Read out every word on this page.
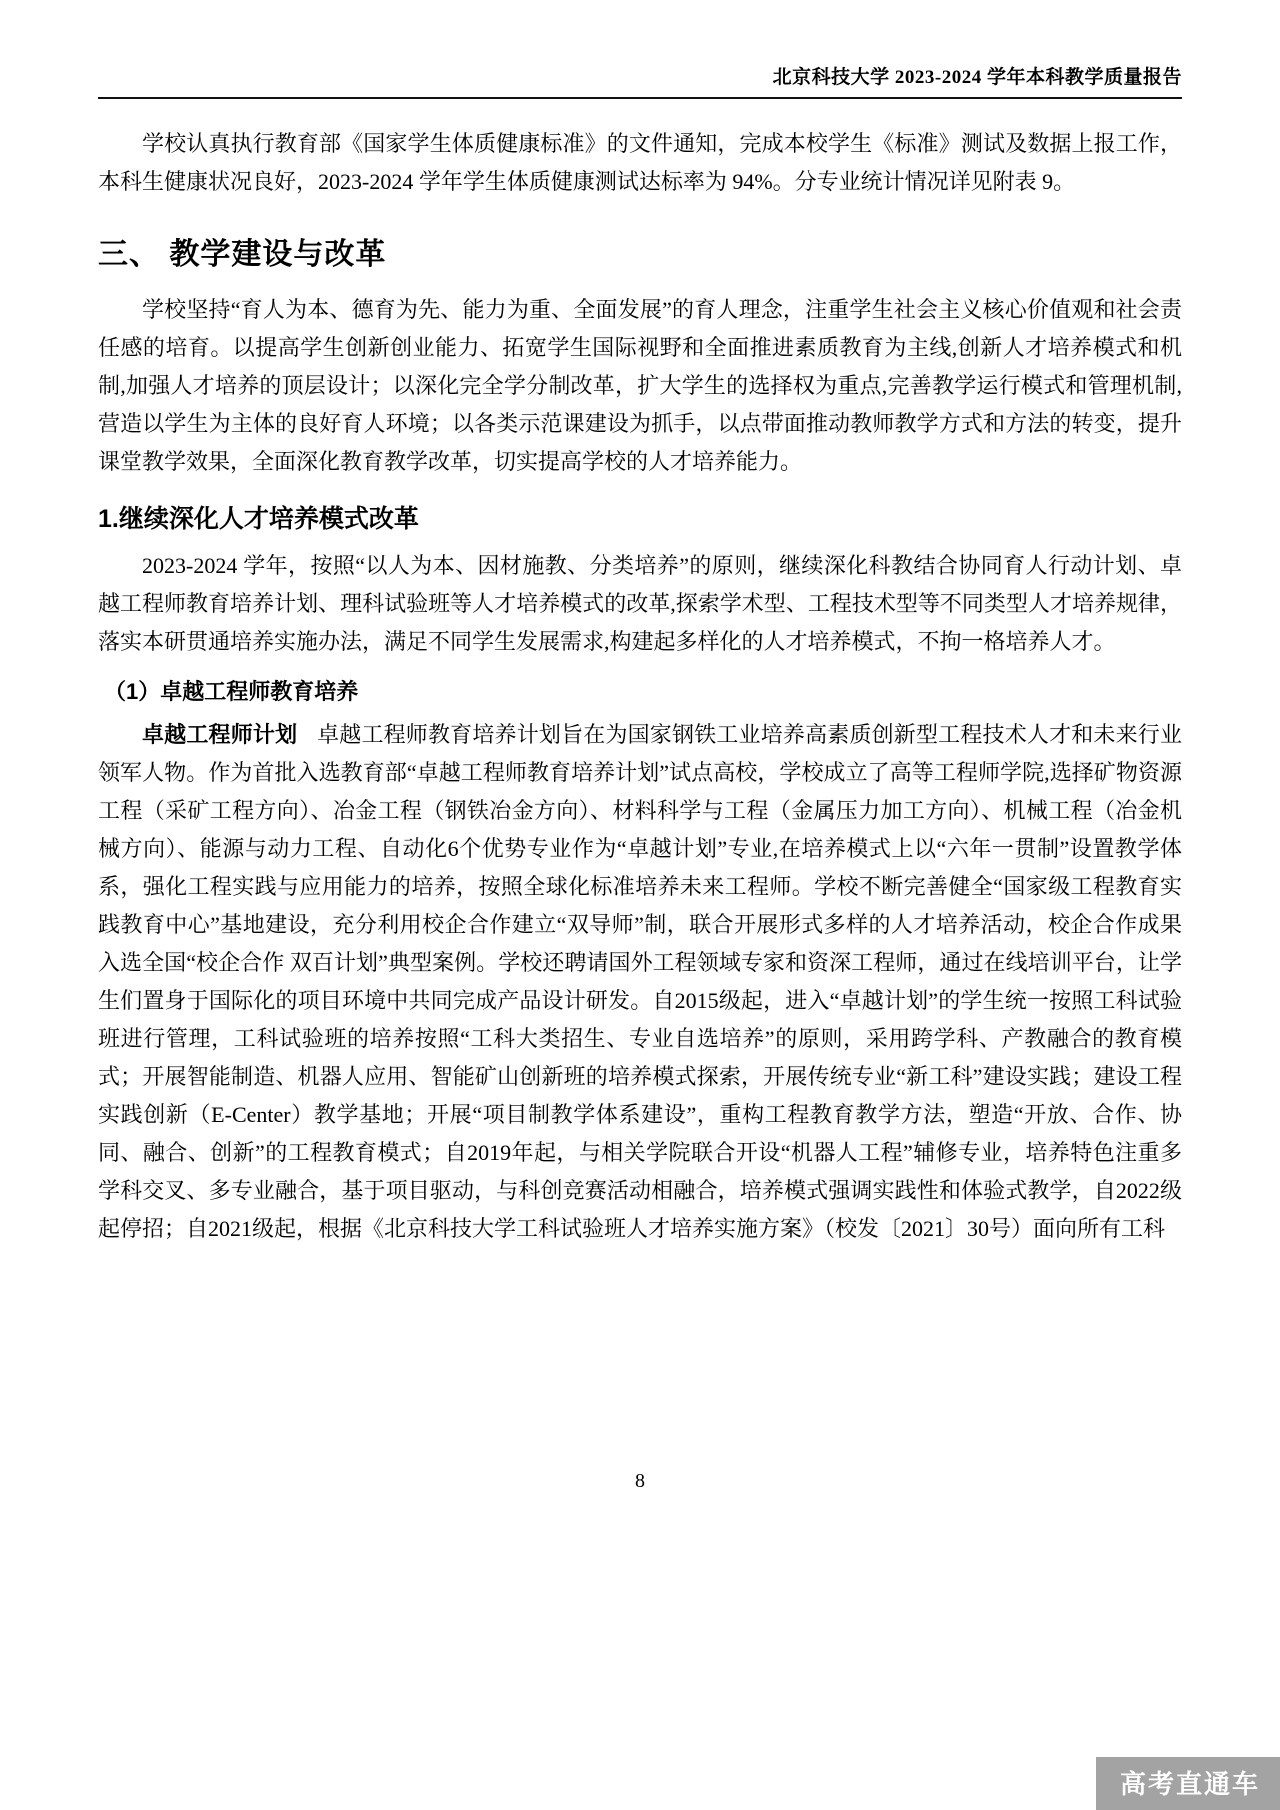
北京科技大学 2023-2024 学年本科教学质量报告

学校认真执行教育部《国家学生体质健康标准》的文件通知，完成本校学生《标准》测试及数据上报工作，本科生健康状况良好，2023-2024 学年学生体质健康测试达标率为 94%。分专业统计情况详见附表 9。

三、 教学建设与改革

学校坚持“育人为本、德育为先、能力为重、全面发展”的育人理念，注重学生社会主义核心价值观和社会责任感的培育。以提高学生创新创业能力、拓宽学生国际视野和全面推进素质教育为主线,创新人才培养模式和机制,加强人才培养的顶层设计；以深化完全学分制改革，扩大学生的选择权为重点,完善教学运行模式和管理机制,营造以学生为主体的良好育人环境；以各类示范课建设为抓手，以点带面推动教师教学方式和方法的转变，提升课堂教学效果，全面深化教育教学改革，切实提高学校的人才培养能力。

1.继续深化人才培养模式改革

2023-2024 学年，按照“以人为本、因材施教、分类培养”的原则，继续深化科教结合协同育人行动计划、卓越工程师教育培养计划、理科试验班等人才培养模式的改革,探索学术型、工程技术型等不同类型人才培养规律，落实本研贯通培养实施办法，满足不同学生发展需求,构建起多样化的人才培养模式，不拘一格培养人才。

（1）卓越工程师教育培养

卓越工程师计划 卓越工程师教育培养计划旨在为国家钢铁工业培养高素质创新型工程技术人才和未来行业领军人物。作为首批入选教育部“卓越工程师教育培养计划”试点高校，学校成立了高等工程师学院,选择矿物资源工程（采矿工程方向）、冶金工程（钢铁冶金方向）、材料科学与工程（金属压力加工方向）、机械工程（冶金机械方向）、能源与动力工程、自动化6个优势专业作为“卓越计划”专业,在培养模式上以“六年一贯制”设置教学体系，强化工程实践与应用能力的培养，按照全球化标准培养未来工程师。学校不断完善健全“国家级工程教育实践教育中心”基地建设，充分利用校企合作建立“双导师”制，联合开展形式多样的人才培养活动，校企合作成果入选全国“校企合作 双百计划”典型案例。学校还聘请国外工程领域专家和资深工程师，通过在线培训平台，让学生们置身于国际化的项目环境中共同完成产品设计研发。自2015级起，进入“卓越计划”的学生统一按照工科试验班进行管理，工科试验班的培养按照“工科大类招生、专业自选培养”的原则，采用跨学科、产教融合的教育模式；开展智能制造、机器人应用、智能矿山创新班的培养模式探索，开展传统专业“新工科”建设实践；建设工程实践创新（E-Center）教学基地；开展“项目制教学体系建设”，重构工程教育教学方法，塑造“开放、合作、协同、融合、创新”的工程教育模式；自2019年起，与相关学院联合开设“机器人工程”辅修专业，培养特色注重多学科交叉、多专业融合，基于项目驱动，与科创竞赛活动相融合，培养模式强调实践性和体验式教学，自2022级起停招；自2021级起，根据《北京科技大学工科试验班人才培养实施方案》（校发〔2021〕30号）面向所有工科

8
高考直通车
